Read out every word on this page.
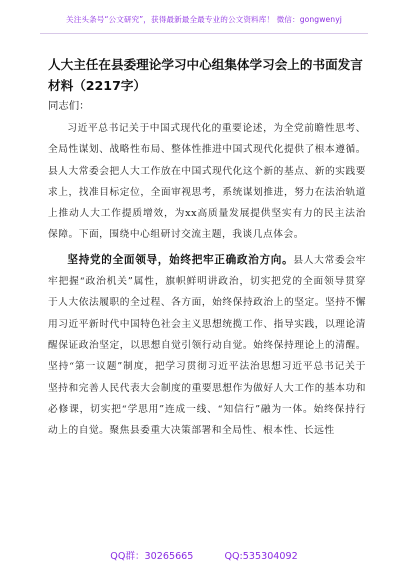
关注头条号“公文研究”，获得最新最全最专业的公文资料库！ 微信：gongwenyj
人大主任在县委理论学习中心组集体学习会上的书面发言材料（2217字）
同志们：

习近平总书记关于中国式现代化的重要论述，为全党前瞻性思考、全局性谋划、战略性布局、整体性推进中国式现代化提供了根本遵循。县人大常委会把人大工作放在中国式现代化这个新的基点、新的实践要求上，找准目标定位，全面审视思考，系统谋划推进，努力在法治轨道上推动人大工作提质增效，为xx高质量发展提供坚实有力的民主法治保障。下面，围绕中心组研讨交流主题，我谈几点体会。

坚持党的全面领导，始终把牢正确政治方向。县人大常委会牢牢把握“政治机关”属性，旗帜鲜明讲政治，切实把党的全面领导贯穿于人大依法履职的全过程、各方面，始终保持政治上的坚定。坚持不懈用习近平新时代中国特色社会主义思想统揽工作、指导实践，以理论清醒保证政治坚定，以思想自觉引领行动自觉。始终保持理论上的清醒。坚持“第一议题”制度，把学习贯彻习近平法治思想习近平总书记关于坚持和完善人民代表大会制度的重要思想作为做好人大工作的基本功和必修课，切实把“学思用”连成一线、“知信行”融为一体。始终保持行动上的自觉。聚焦县委重大决策部署和全局性、根本性、长远性

QQ群：30265665	QQ:535304092
